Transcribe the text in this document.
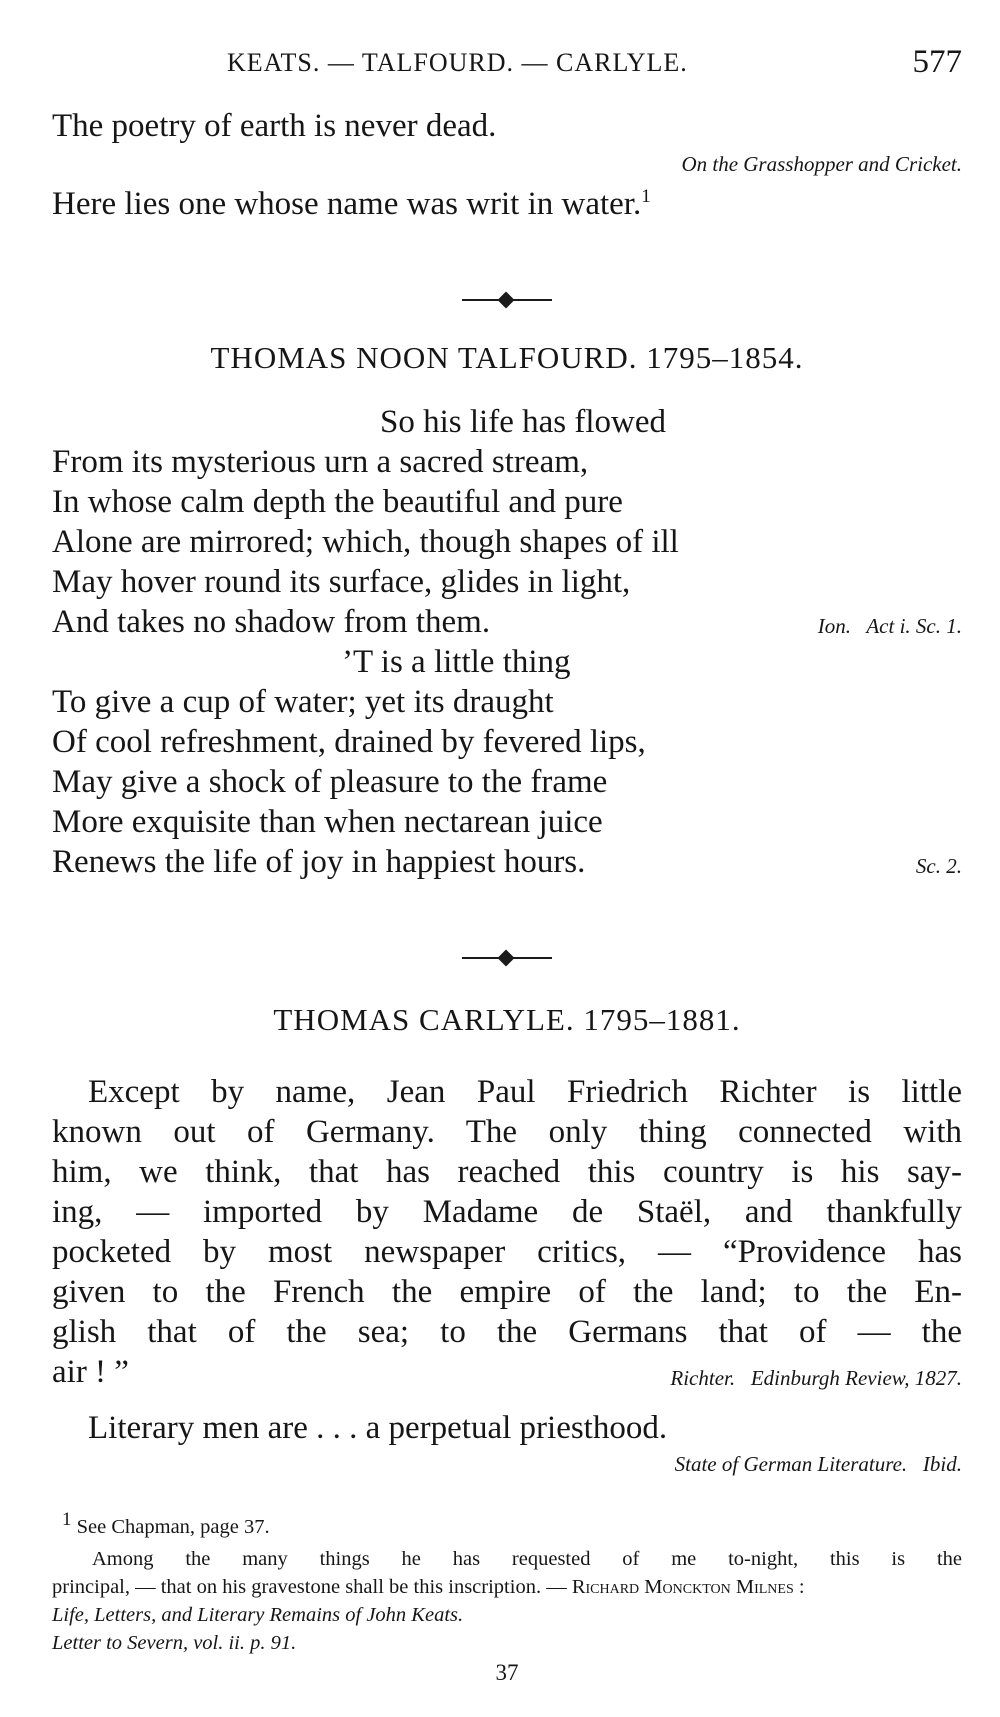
KEATS. — TALFOURD. — CARLYLE.	577
The poetry of earth is never dead.
On the Grasshopper and Cricket.
Here lies one whose name was writ in water.$^1$
THOMAS NOON TALFOURD. 1795–1854.
So his life has flowed
From its mysterious urn a sacred stream,
In whose calm depth the beautiful and pure
Alone are mirrored; which, though shapes of ill
May hover round its surface, glides in light,
And takes no shadow from them.	Ion.   Act i. Sc. 1.
’T is a little thing
To give a cup of water; yet its draught
Of cool refreshment, drained by fevered lips,
May give a shock of pleasure to the frame
More exquisite than when nectarean juice
Renews the life of joy in happiest hours.	Sc. 2.
THOMAS CARLYLE. 1795–1881.
Except by name, Jean Paul Friedrich Richter is little
known out of Germany. The only thing connected with
him, we think, that has reached this country is his say-
ing, — imported by Madame de Staël, and thankfully
pocketed by most newspaper critics, — “Providence has
given to the French the empire of the land; to the En-
glish that of the sea; to the Germans that of — the
air ! ”	Richter.   Edinburgh Review, 1827.
Literary men are . . . a perpetual priesthood.
State of German Literature.   Ibid.
$^1$ See Chapman, page 37.
Among the many things he has requested of me to-night, this is the
principal, — that on his gravestone shall be this inscription. — Richard Monckton Milnes :
Life, Letters, and Literary Remains of John Keats.
Letter to Severn, vol. ii. p. 91.
37
